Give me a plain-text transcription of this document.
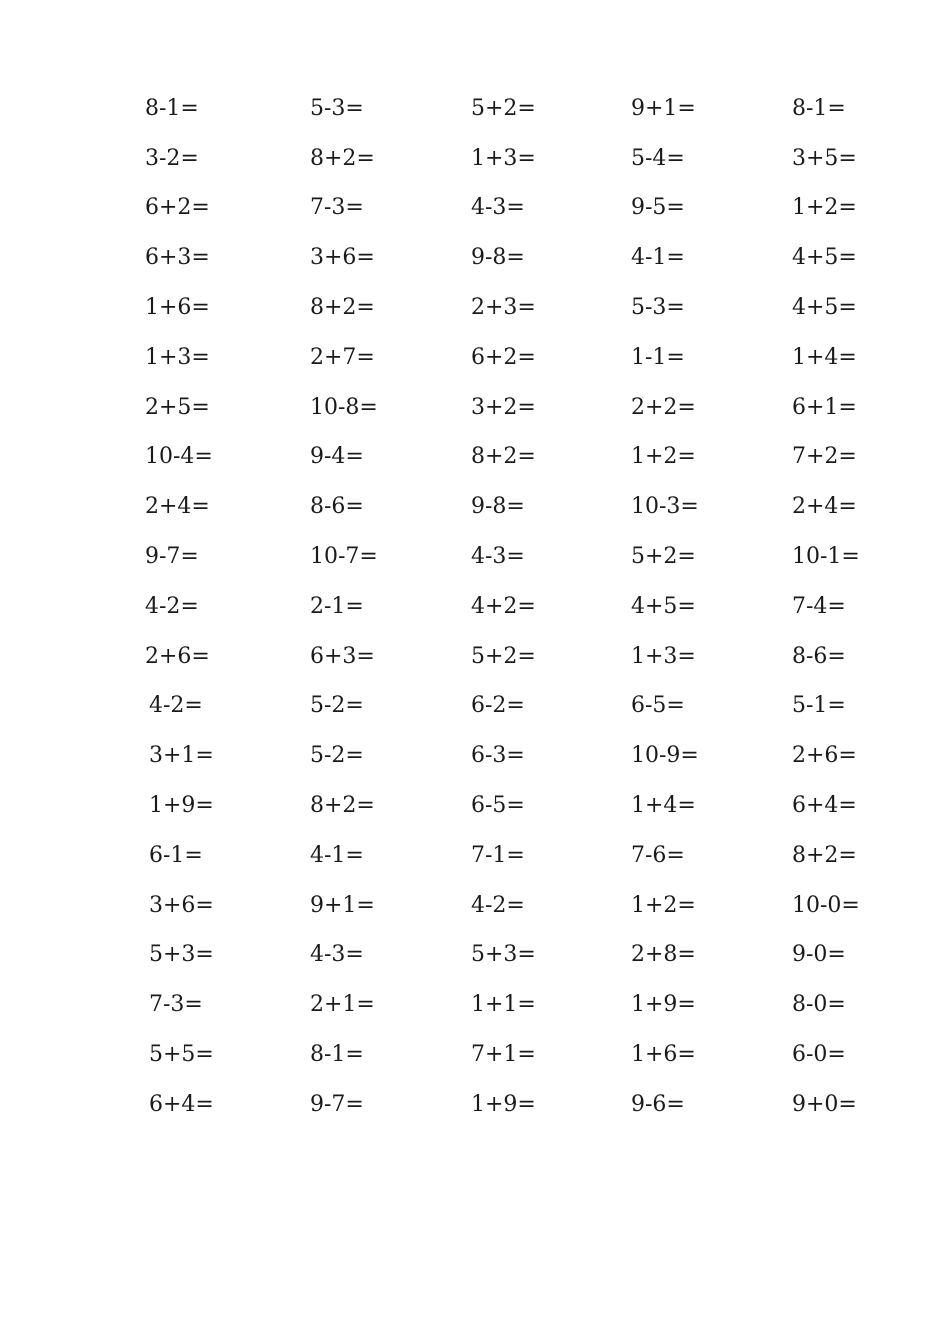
8-1=	5-3=	5+2=	9+1=	8-1=
3-2=	8+2=	1+3=	5-4=	3+5=
6+2=	7-3=	4-3=	9-5=	1+2=
6+3=	3+6=	9-8=	4-1=	4+5=
1+6=	8+2=	2+3=	5-3=	4+5=
1+3=	2+7=	6+2=	1-1=	1+4=
2+5=	10-8=	3+2=	2+2=	6+1=
10-4=	9-4=	8+2=	1+2=	7+2=
2+4=	8-6=	9-8=	10-3=	2+4=
9-7=	10-7=	4-3=	5+2=	10-1=
4-2=	2-1=	4+2=	4+5=	7-4=
2+6=	6+3=	5+2=	1+3=	8-6=
4-2=	5-2=	6-2=	6-5=	5-1=
3+1=	5-2=	6-3=	10-9=	2+6=
1+9=	8+2=	6-5=	1+4=	6+4=
6-1=	4-1=	7-1=	7-6=	8+2=
3+6=	9+1=	4-2=	1+2=	10-0=
5+3=	4-3=	5+3=	2+8=	9-0=
7-3=	2+1=	1+1=	1+9=	8-0=
5+5=	8-1=	7+1=	1+6=	6-0=
6+4=	9-7=	1+9=	9-6=	9+0=
